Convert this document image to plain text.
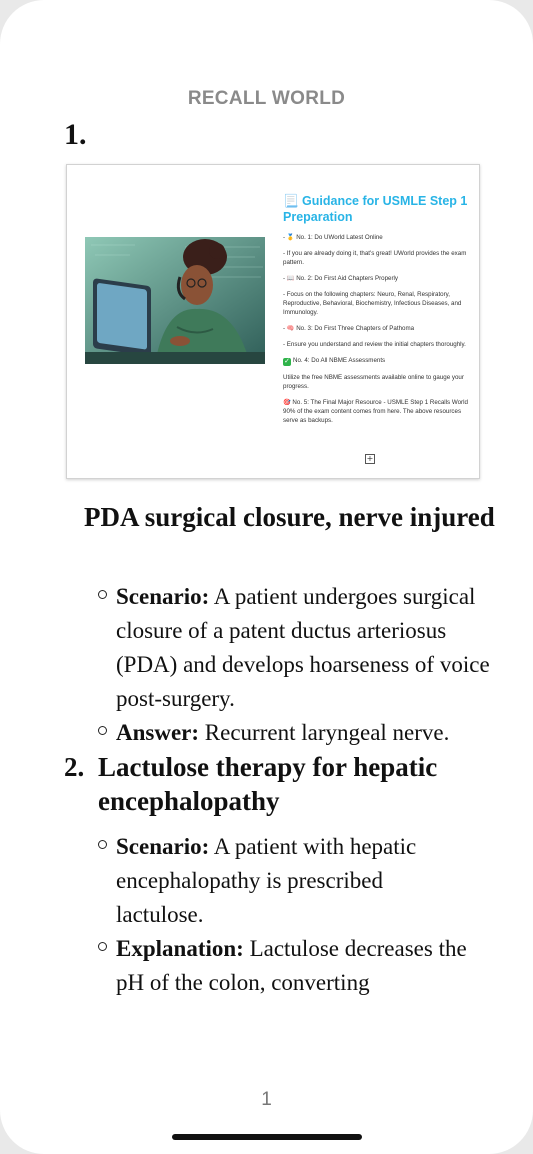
RECALL WORLD
1.
📃 Guidance for USMLE Step 1 Preparation

- 🥇 No. 1: Do UWorld Latest Online

- If you are already doing it, that's great! UWorld provides the exam pattern.

- 📖 No. 2: Do First Aid Chapters Properly

- Focus on the following chapters: Neuro, Renal, Respiratory, Reproductive, Behavioral, Biochemistry, Infectious Diseases, and Immunology.

- 🧠 No. 3: Do First Three Chapters of Pathoma

- Ensure you understand and review the initial chapters thoroughly.

✓ No. 4: Do All NBME Assessments

Utilize the free NBME assessments available online to gauge your progress.

🎯 No. 5: The Final Major Resource - USMLE Step 1 Recalls World 90% of the exam content comes from here. The above resources serve as backups.

+
PDA surgical closure, nerve injured
Scenario: A patient undergoes surgical closure of a patent ductus arteriosus (PDA) and develops hoarseness of voice post-surgery.
Answer: Recurrent laryngeal nerve.
2. Lactulose therapy for hepatic encephalopathy
Scenario: A patient with hepatic encephalopathy is prescribed lactulose.
Explanation: Lactulose decreases the pH of the colon, converting
1
